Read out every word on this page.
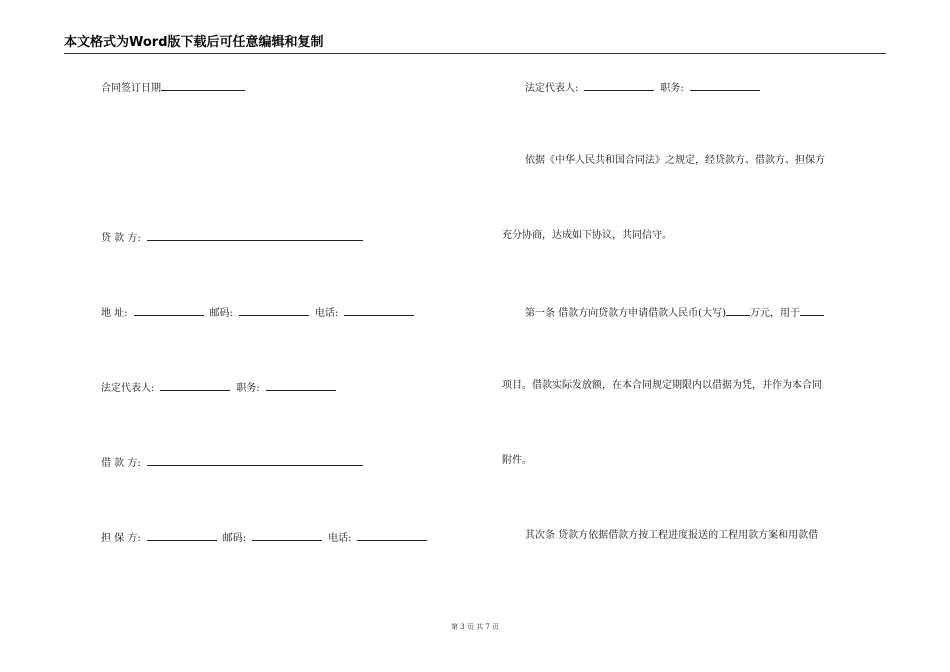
本文格式为Word版下载后可任意编辑和复制
合同签订日期
贷 款 方:
地 址:	邮码:	电话:
法定代表人:	职务:
借 款 方:
担 保 方:	邮码:	电话:
法定代表人:	职务:
依据《中华人民共和国合同法》之规定，经贷款方、借款方、担保方
充分协商，达成如下协议，共同信守。
第一条 借款方向贷款方申请借款人民币(大写) 万元，用于
项目。借款实际发放额，在本合同规定期限内以借据为凭，并作为本合同
附件。
其次条 贷款方依据借款方按工程进度报送的工程用款方案和用款借
第 3 页 共 7 页
